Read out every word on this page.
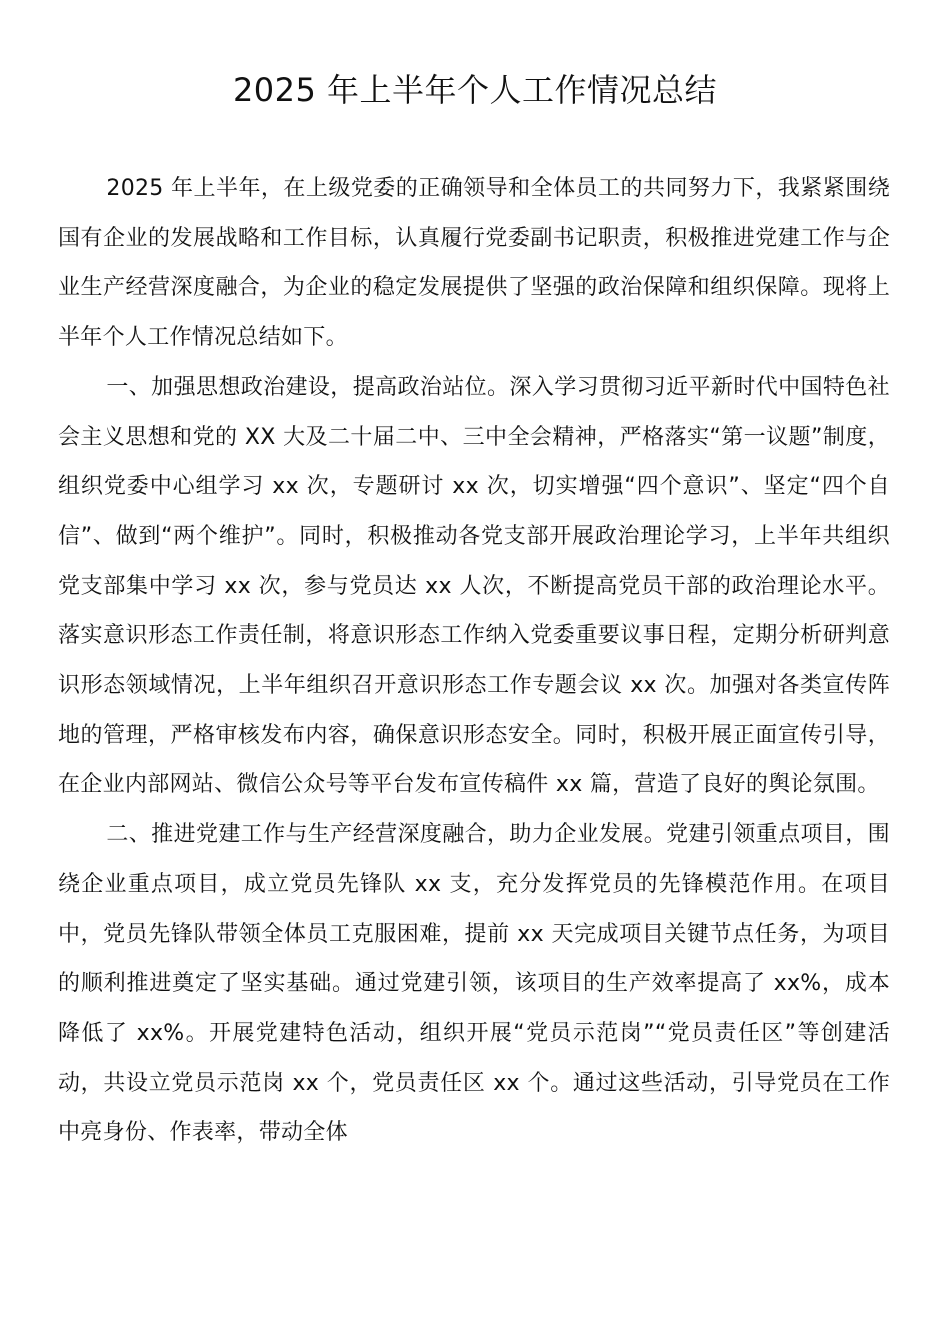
2025 年上半年个人工作情况总结

2025 年上半年，在上级党委的正确领导和全体员工的共同努力下，我紧紧围绕国有企业的发展战略和工作目标，认真履行党委副书记职责，积极推进党建工作与企业生产经营深度融合，为企业的稳定发展提供了坚强的政治保障和组织保障。现将上半年个人工作情况总结如下。

一、加强思想政治建设，提高政治站位。深入学习贯彻习近平新时代中国特色社会主义思想和党的 XX 大及二十届二中、三中全会精神，严格落实“第一议题”制度，组织党委中心组学习 xx 次，专题研讨 xx 次，切实增强“四个意识”、坚定“四个自信”、做到“两个维护”。同时，积极推动各党支部开展政治理论学习，上半年共组织党支部集中学习 xx 次，参与党员达 xx 人次，不断提高党员干部的政治理论水平。落实意识形态工作责任制，将意识形态工作纳入党委重要议事日程，定期分析研判意识形态领域情况，上半年组织召开意识形态工作专题会议 xx 次。加强对各类宣传阵地的管理，严格审核发布内容，确保意识形态安全。同时，积极开展正面宣传引导，在企业内部网站、微信公众号等平台发布宣传稿件 xx 篇，营造了良好的舆论氛围。

二、推进党建工作与生产经营深度融合，助力企业发展。党建引领重点项目，围绕企业重点项目，成立党员先锋队 xx 支，充分发挥党员的先锋模范作用。在项目中，党员先锋队带领全体员工克服困难，提前 xx 天完成项目关键节点任务，为项目的顺利推进奠定了坚实基础。通过党建引领，该项目的生产效率提高了 xx%，成本降低了 xx%。开展党建特色活动，组织开展“党员示范岗”“党员责任区”等创建活动，共设立党员示范岗 xx 个，党员责任区 xx 个。通过这些活动，引导党员在工作中亮身份、作表率，带动全体
